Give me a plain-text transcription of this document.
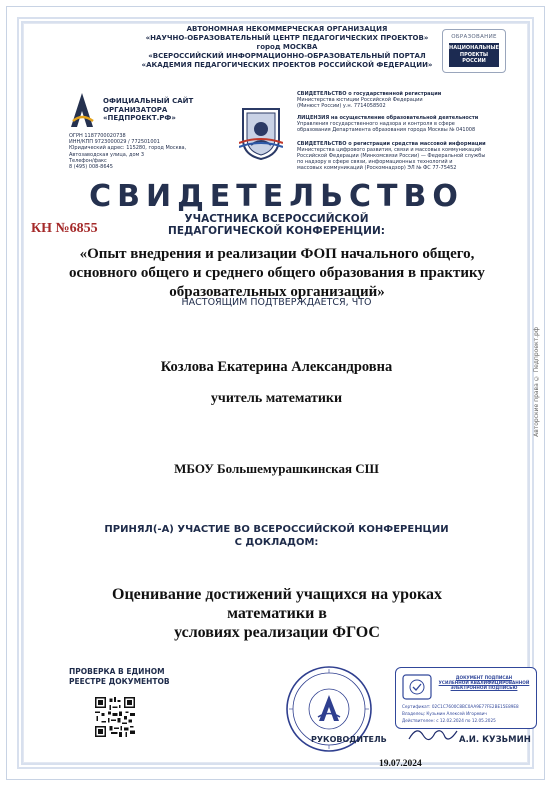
АВТОНОМНАЯ НЕКОММЕРЧЕСКАЯ ОРГАНИЗАЦИЯ
«НАУЧНО-ОБРАЗОВАТЕЛЬНЫЙ ЦЕНТР ПЕДАГОГИЧЕСКИХ ПРОЕКТОВ»
город МОСКВА
«ВСЕРОССИЙСКИЙ ИНФОРМАЦИОННО-ОБРАЗОВАТЕЛЬНЫЙ ПОРТАЛ
«АКАДЕМИЯ ПЕДАГОГИЧЕСКИХ ПРОЕКТОВ РОССИЙСКОЙ ФЕДЕРАЦИИ»
ОБРАЗОВАНИЕ
НАЦИОНАЛЬНЫЕ
ПРОЕКТЫ
РОССИИ
ОФИЦИАЛЬНЫЙ САЙТ
ОРГАНИЗАТОРА
«ПЕДПРОЕКТ.РФ»
ОГРН 1187700020738
ИНН/КПП 9723000029 / 772501001
Юридический адрес: 115280, город Москва,
Автозаводская улица, дом 3
Телефон/факс
8 (495) 008-8645
СВИДЕТЕЛЬСТВО о государственной регистрации
Министерства юстиции Российской Федерации
(Минюст России) у.н. 7714058502
ЛИЦЕНЗИЯ на осуществление образовательной деятельности
Управления государственного надзора и контроля в сфере
образования Департамента образования города Москвы № 041008
СВИДЕТЕЛЬСТВО о регистрации средства массовой информации
Министерства цифрового развития, связи и массовых коммуникаций
Российской Федерации (Минкомсвязи России) — Федеральной службы
по надзору в сфере связи, информационных технологий и
массовых коммуникаций (Роскомнадзор) ЭЛ № ФС 77-75452
СВИДЕТЕЛЬСТВО
УЧАСТНИКА ВСЕРОССИЙСКОЙ
ПЕДАГОГИЧЕСКОЙ КОНФЕРЕНЦИИ:
КН №6855
«Опыт внедрения и реализации ФОП начального общего,
основного общего и среднего общего образования в практику
образовательных организаций»
НАСТОЯЩИМ ПОДТВЕРЖДАЕТСЯ, ЧТО
Козлова Екатерина Александровна
учитель математики
МБОУ Большемурашкинская СШ
ПРИНЯЛ(-А) УЧАСТИЕ ВО ВСЕРОССИЙСКОЙ КОНФЕРЕНЦИИ
С ДОКЛАДОМ:
Оценивание достижений учащихся на уроках математики в
условиях реализации ФГОС
ПРОВЕРКА В ЕДИНОМ
РЕЕСТРЕ ДОКУМЕНТОВ	ДОКУМЕНТ ПОДПИСАН
УСИЛЕННОЙ КВАЛИФИЦИРОВАННОЙ
ЭЛЕКТРОННОЙ ПОДПИСЬЮ
Сертификат: 02C1C7600C8BC0AA9E77FE2BE15E89E8
Владелец: Кузьмин Алексей Игоревич
Действителен: с 12.02.2024 по 12.05.2025
РУКОВОДИТЕЛЬ	А.И. КУЗЬМИН
19.07.2024
Авторские права © Педпроект.рф
